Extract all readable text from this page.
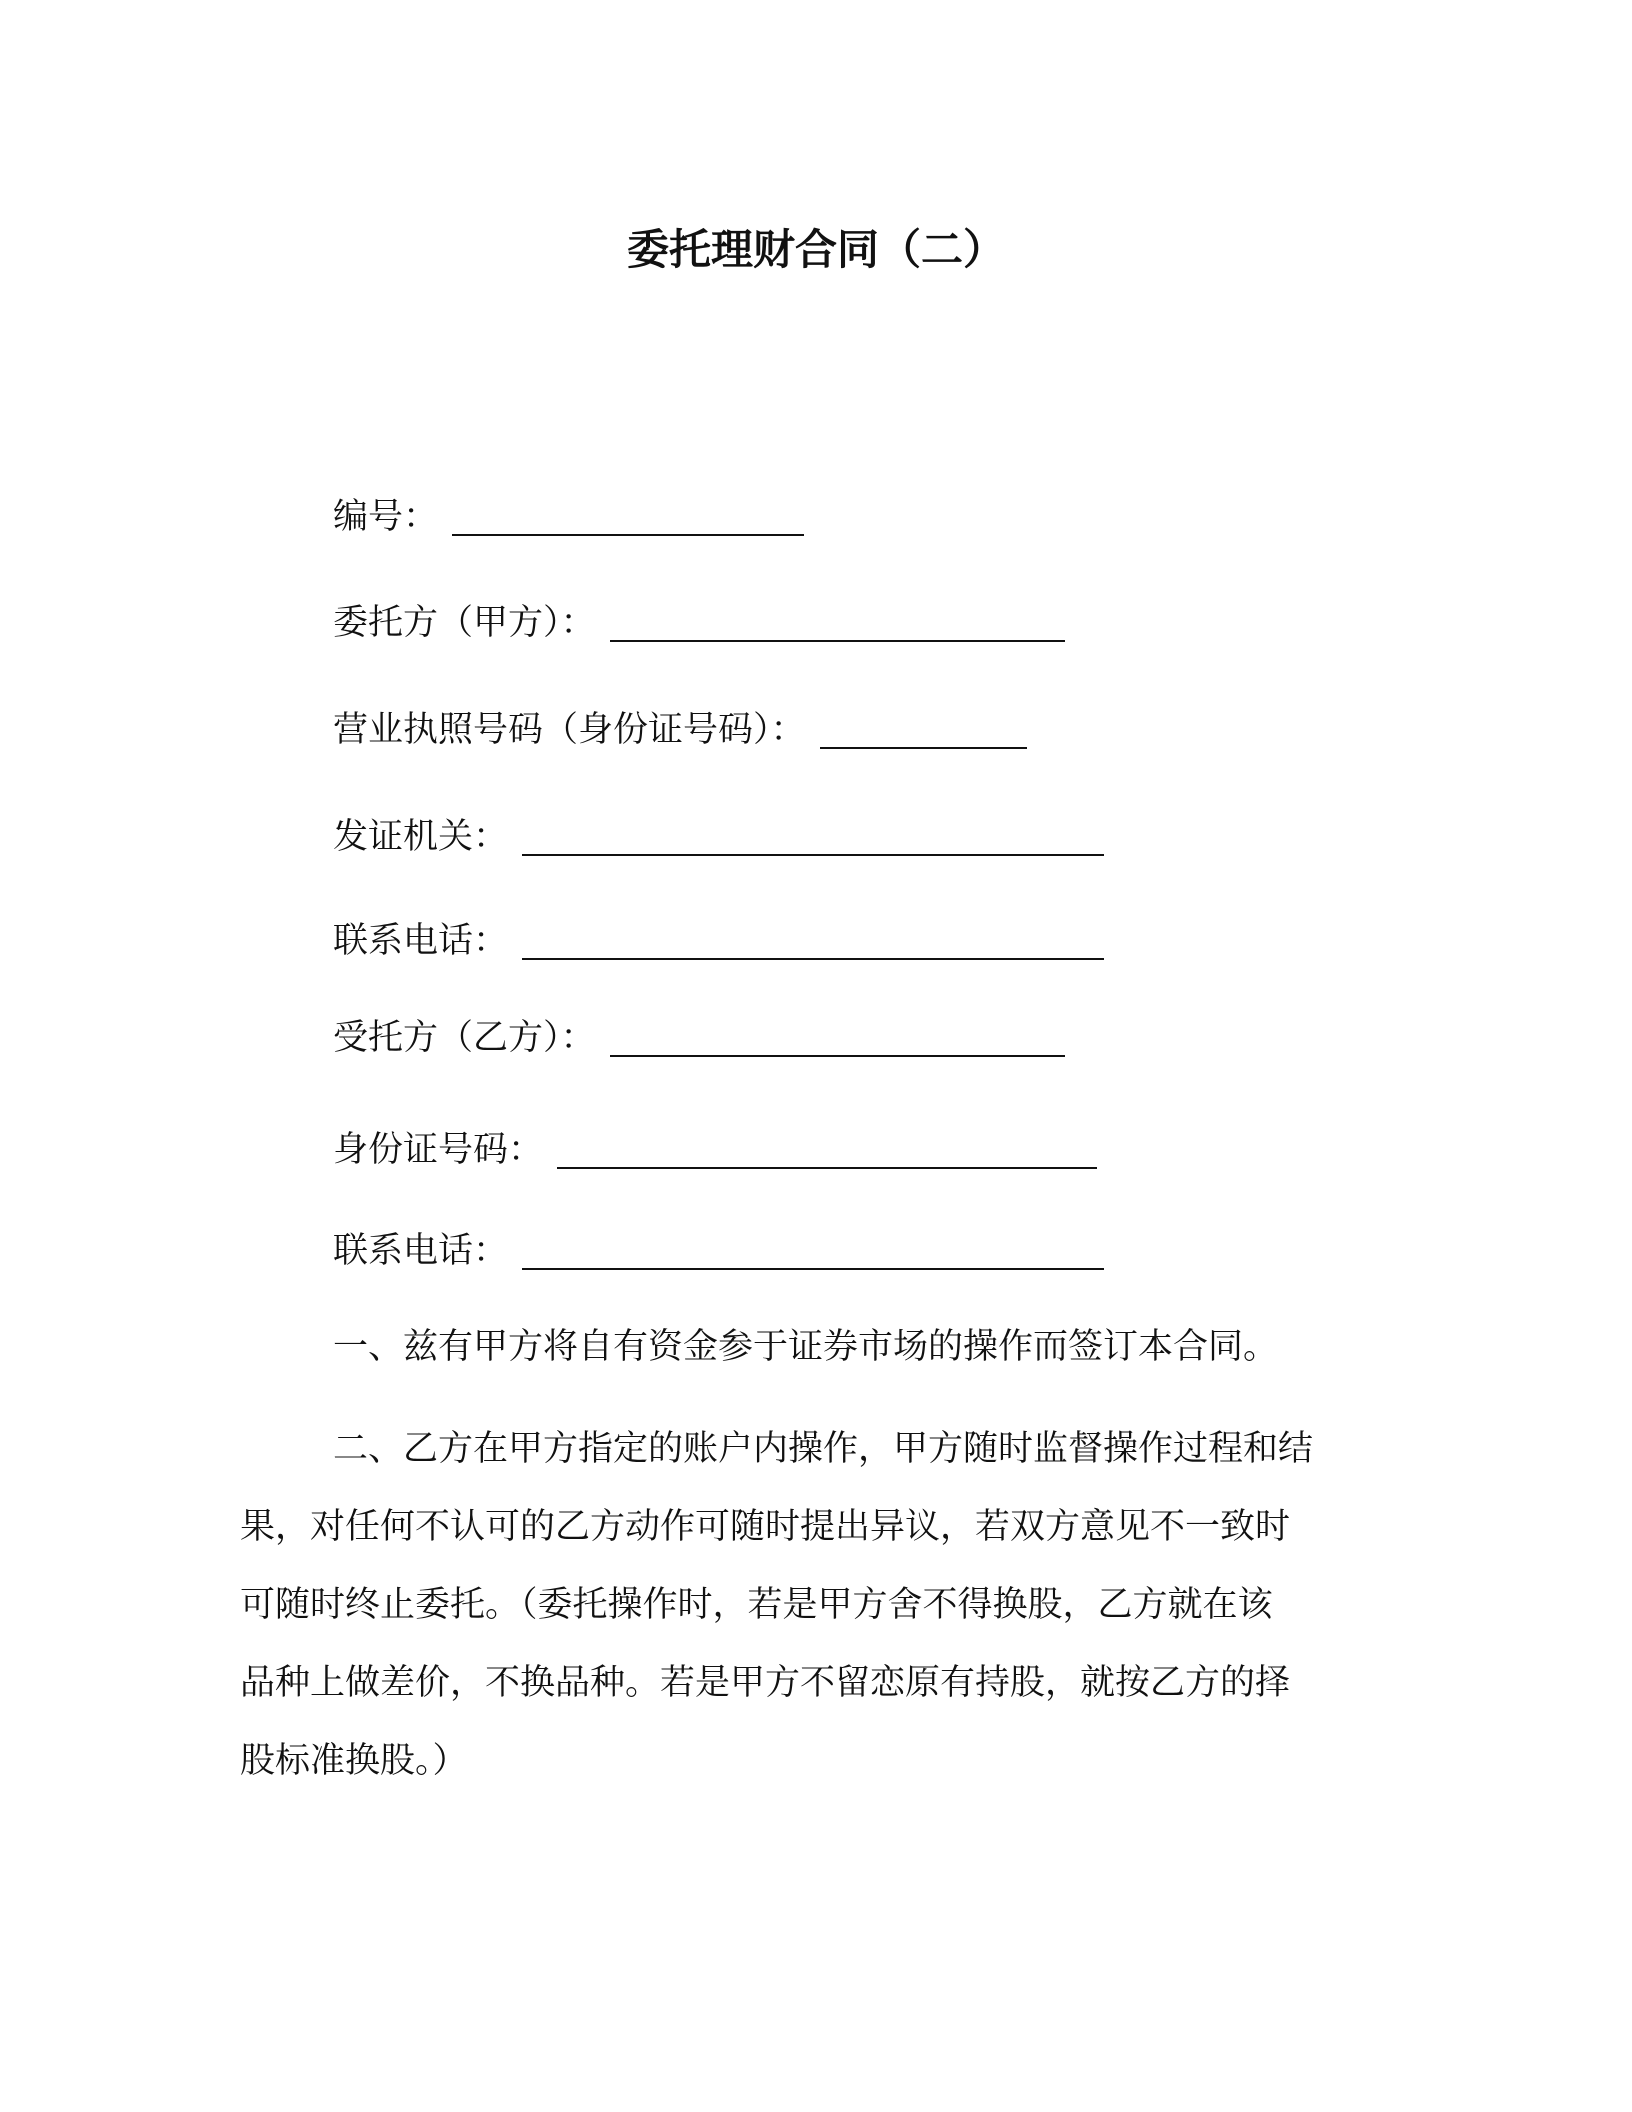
委托理财合同（二）
编号：
委托方（甲方）：
营业执照号码（身份证号码）：
发证机关：
联系电话：
受托方（乙方）：
身份证号码：
联系电话：
一、兹有甲方将自有资金参于证券市场的操作而签订本合同。
二、乙方在甲方指定的账户内操作，甲方随时监督操作过程和结
果，对任何不认可的乙方动作可随时提出异议，若双方意见不一致时
可随时终止委托。（委托操作时，若是甲方舍不得换股，乙方就在该
品种上做差价，不换品种。若是甲方不留恋原有持股，就按乙方的择
股标准换股。）
